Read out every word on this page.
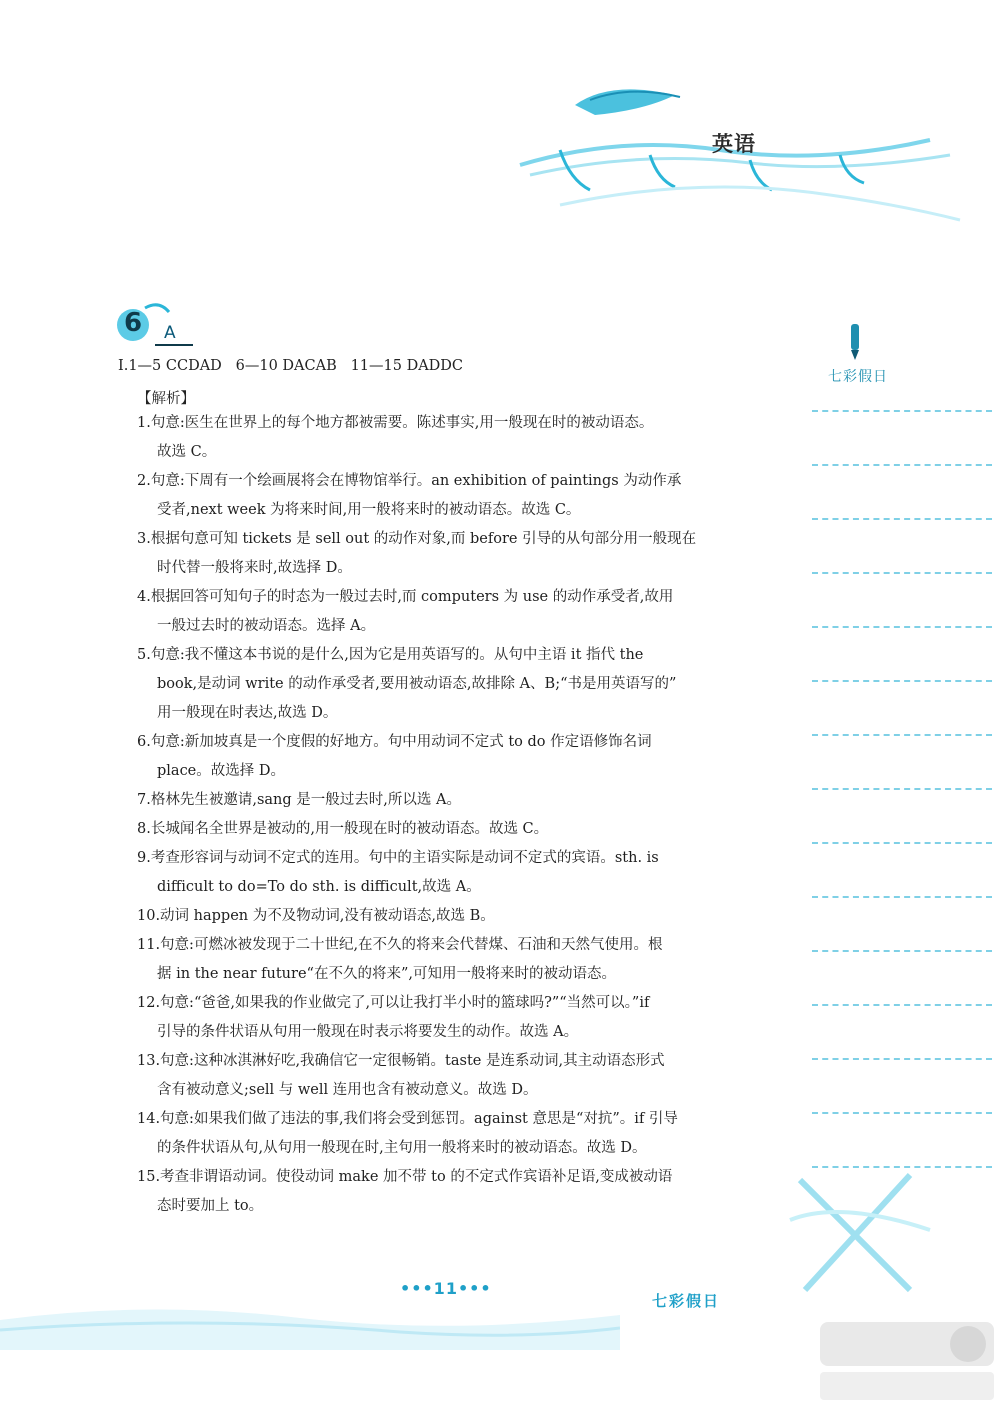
英语
6 A
七彩假日
Ⅰ.1—5 CCDAD   6—10 DACAB   11—15 DADDC
【解析】
1.句意:医生在世界上的每个地方都被需要。陈述事实,用一般现在时的被动语态。
故选 C。
2.句意:下周有一个绘画展将会在博物馆举行。an exhibition of paintings 为动作承
受者,next week 为将来时间,用一般将来时的被动语态。故选 C。
3.根据句意可知 tickets 是 sell out 的动作对象,而 before 引导的从句部分用一般现在
时代替一般将来时,故选择 D。
4.根据回答可知句子的时态为一般过去时,而 computers 为 use 的动作承受者,故用
一般过去时的被动语态。选择 A。
5.句意:我不懂这本书说的是什么,因为它是用英语写的。从句中主语 it 指代 the
book,是动词 write 的动作承受者,要用被动语态,故排除 A、B;“书是用英语写的”
用一般现在时表达,故选 D。
6.句意:新加坡真是一个度假的好地方。句中用动词不定式 to do 作定语修饰名词
place。故选择 D。
7.格林先生被邀请,sang 是一般过去时,所以选 A。
8.长城闻名全世界是被动的,用一般现在时的被动语态。故选 C。
9.考查形容词与动词不定式的连用。句中的主语实际是动词不定式的宾语。sth. is
difficult to do=To do sth. is difficult,故选 A。
10.动词 happen 为不及物动词,没有被动语态,故选 B。
11.句意:可燃冰被发现于二十世纪,在不久的将来会代替煤、石油和天然气使用。根
据 in the near future“在不久的将来”,可知用一般将来时的被动语态。
12.句意:“爸爸,如果我的作业做完了,可以让我打半小时的篮球吗?”“当然可以。”if
引导的条件状语从句用一般现在时表示将要发生的动作。故选 A。
13.句意:这种冰淇淋好吃,我确信它一定很畅销。taste 是连系动词,其主动语态形式
含有被动意义;sell 与 well 连用也含有被动意义。故选 D。
14.句意:如果我们做了违法的事,我们将会受到惩罚。against 意思是“对抗”。if 引导
的条件状语从句,从句用一般现在时,主句用一般将来时的被动语态。故选 D。
15.考查非谓语动词。使役动词 make 加不带 to 的不定式作宾语补足语,变成被动语
态时要加上 to。
•••11•••
七彩假日
